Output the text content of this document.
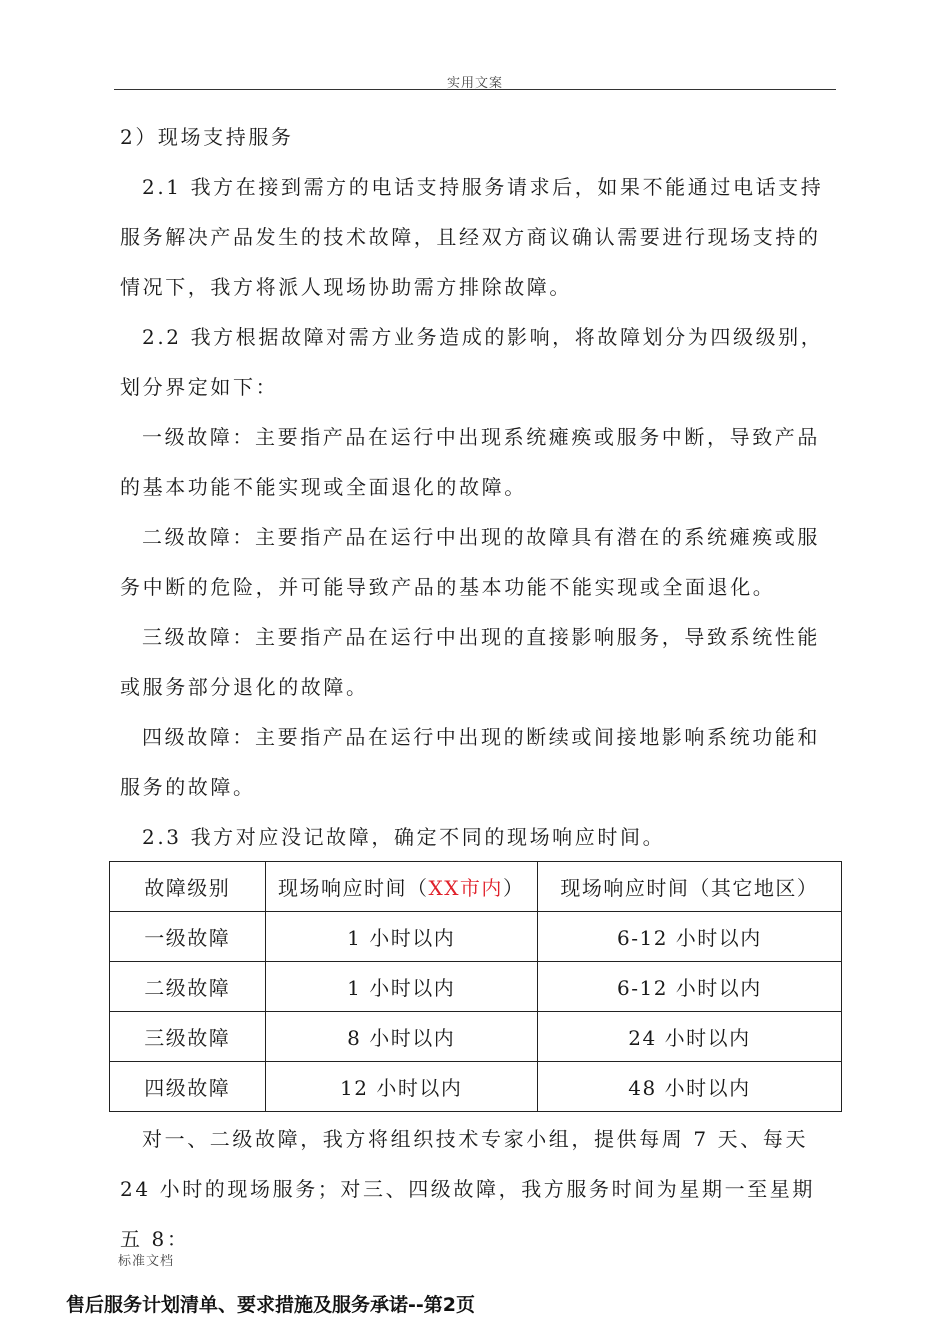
实用文案

2）现场支持服务

2.1 我方在接到需方的电话支持服务请求后，如果不能通过电话支持服务解决产品发生的技术故障，且经双方商议确认需要进行现场支持的情况下，我方将派人现场协助需方排除故障。

2.2 我方根据故障对需方业务造成的影响，将故障划分为四级级别，划分界定如下：

一级故障：主要指产品在运行中出现系统瘫痪或服务中断，导致产品的基本功能不能实现或全面退化的故障。

二级故障：主要指产品在运行中出现的故障具有潜在的系统瘫痪或服务中断的危险，并可能导致产品的基本功能不能实现或全面退化。

三级故障：主要指产品在运行中出现的直接影响服务，导致系统性能或服务部分退化的故障。

四级故障：主要指产品在运行中出现的断续或间接地影响系统功能和服务的故障。

2.3 我方对应没记故障，确定不同的现场响应时间。

故障级别	现场响应时间（XX市内）	现场响应时间（其它地区）
一级故障	1 小时以内	6-12 小时以内
二级故障	1 小时以内	6-12 小时以内
三级故障	8 小时以内	24 小时以内
四级故障	12 小时以内	48 小时以内
对一、二级故障，我方将组织技术专家小组，提供每周 7 天、每天 24 小时的现场服务；对三、四级故障，我方服务时间为星期一至星期五 8：
标准文档
售后服务计划清单、要求措施及服务承诺--第2页
